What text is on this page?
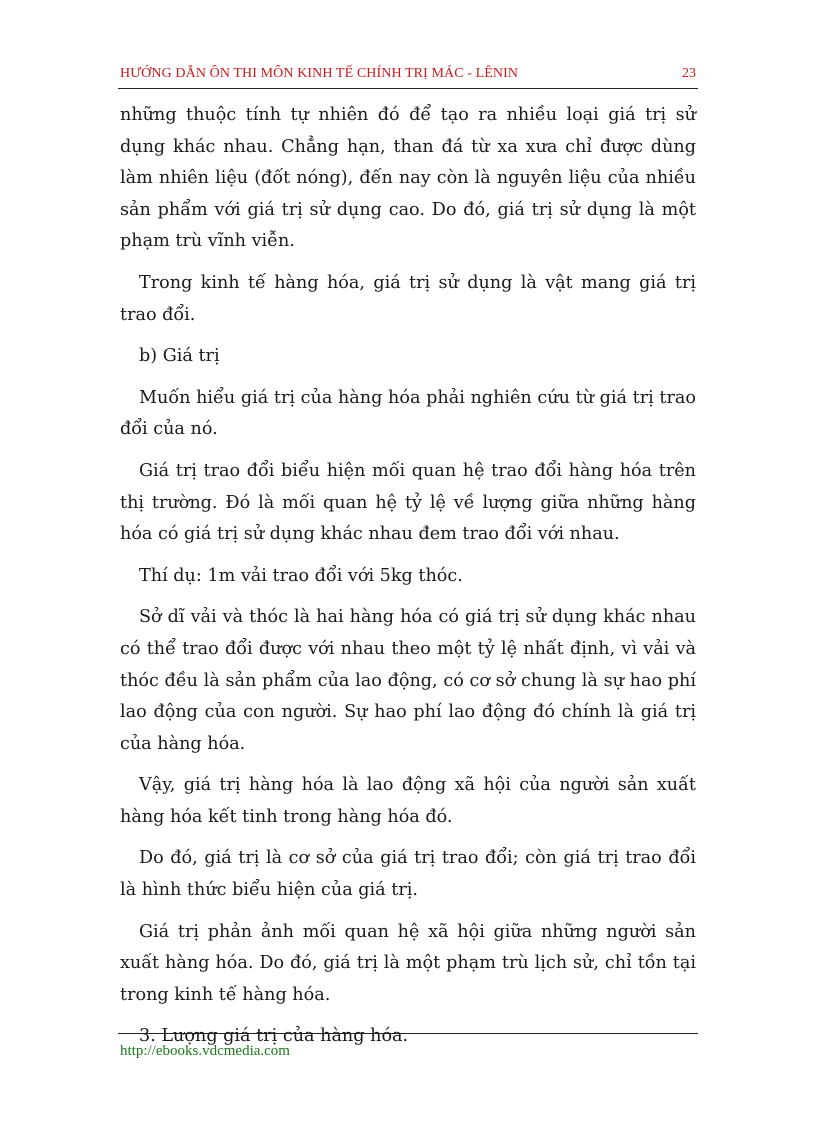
HƯỚNG DẪN ÔN THI MÔN KINH TẾ CHÍNH TRỊ MÁC - LÊNIN	23

những thuộc tính tự nhiên đó để tạo ra nhiều loại giá trị sử dụng khác nhau. Chẳng hạn, than đá từ xa xưa chỉ được dùng làm nhiên liệu (đốt nóng), đến nay còn là nguyên liệu của nhiều sản phẩm với giá trị sử dụng cao. Do đó, giá trị sử dụng là một phạm trù vĩnh viễn.

Trong kinh tế hàng hóa, giá trị sử dụng là vật mang giá trị trao đổi.

b) Giá trị

Muốn hiểu giá trị của hàng hóa phải nghiên cứu từ giá trị trao đổi của nó.

Giá trị trao đổi biểu hiện mối quan hệ trao đổi hàng hóa trên thị trường. Đó là mối quan hệ tỷ lệ về lượng giữa những hàng hóa có giá trị sử dụng khác nhau đem trao đổi với nhau.

Thí dụ: 1m vải trao đổi với 5kg thóc.

Sở dĩ vải và thóc là hai hàng hóa có giá trị sử dụng khác nhau có thể trao đổi được với nhau theo một tỷ lệ nhất định, vì vải và thóc đều là sản phẩm của lao động, có cơ sở chung là sự hao phí lao động của con người. Sự hao phí lao động đó chính là giá trị của hàng hóa.

Vậy, giá trị hàng hóa là lao động xã hội của người sản xuất hàng hóa kết tinh trong hàng hóa đó.

Do đó, giá trị là cơ sở của giá trị trao đổi; còn giá trị trao đổi là hình thức biểu hiện của giá trị.

Giá trị phản ảnh mối quan hệ xã hội giữa những người sản xuất hàng hóa. Do đó, giá trị là một phạm trù lịch sử, chỉ tồn tại trong kinh tế hàng hóa.

3. Lượng giá trị của hàng hóa.

http://ebooks.vdcmedia.com
